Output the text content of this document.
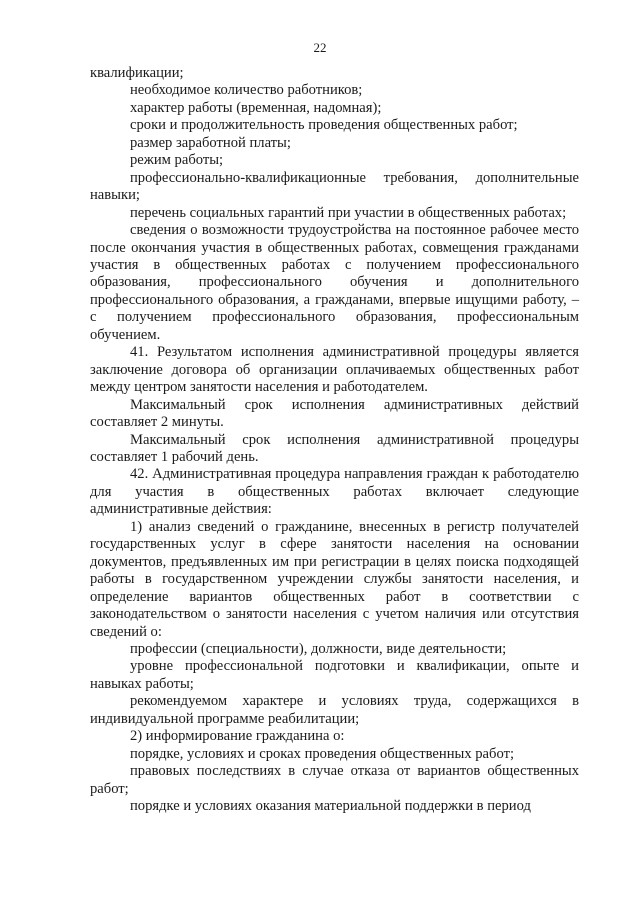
22

квалификации;

необходимое количество работников;

характер работы (временная, надомная);

сроки и продолжительность проведения общественных работ;

размер заработной платы;

режим работы;

профессионально-квалификационные требования, дополнительные навыки;

перечень социальных гарантий при участии в общественных работах;

сведения о возможности трудоустройства на постоянное рабочее место после окончания участия в общественных работах, совмещения гражданами участия в общественных работах с получением профессионального образования, профессионального обучения и дополнительного профессионального образования, а гражданами, впервые ищущими работу, – с получением профессионального образования, профессиональным обучением.

41. Результатом исполнения административной процедуры является заключение договора об организации оплачиваемых общественных работ между центром занятости населения и работодателем.

Максимальный срок исполнения административных действий составляет 2 минуты.

Максимальный срок исполнения административной процедуры составляет 1 рабочий день.

42. Административная процедура направления граждан к работодателю для участия в общественных работах включает следующие административные действия:

1) анализ сведений о гражданине, внесенных в регистр получателей государственных услуг в сфере занятости населения на основании документов, предъявленных им при регистрации в целях поиска подходящей работы в государственном учреждении службы занятости населения, и определение вариантов общественных работ в соответствии с законодательством о занятости населения с учетом наличия или отсутствия сведений о:

профессии (специальности), должности, виде деятельности;

уровне профессиональной подготовки и квалификации, опыте и навыках работы;

рекомендуемом характере и условиях труда, содержащихся в индивидуальной программе реабилитации;

2) информирование гражданина о:

порядке, условиях и сроках проведения общественных работ;

правовых последствиях в случае отказа от вариантов общественных работ;

порядке и условиях оказания материальной поддержки в период
